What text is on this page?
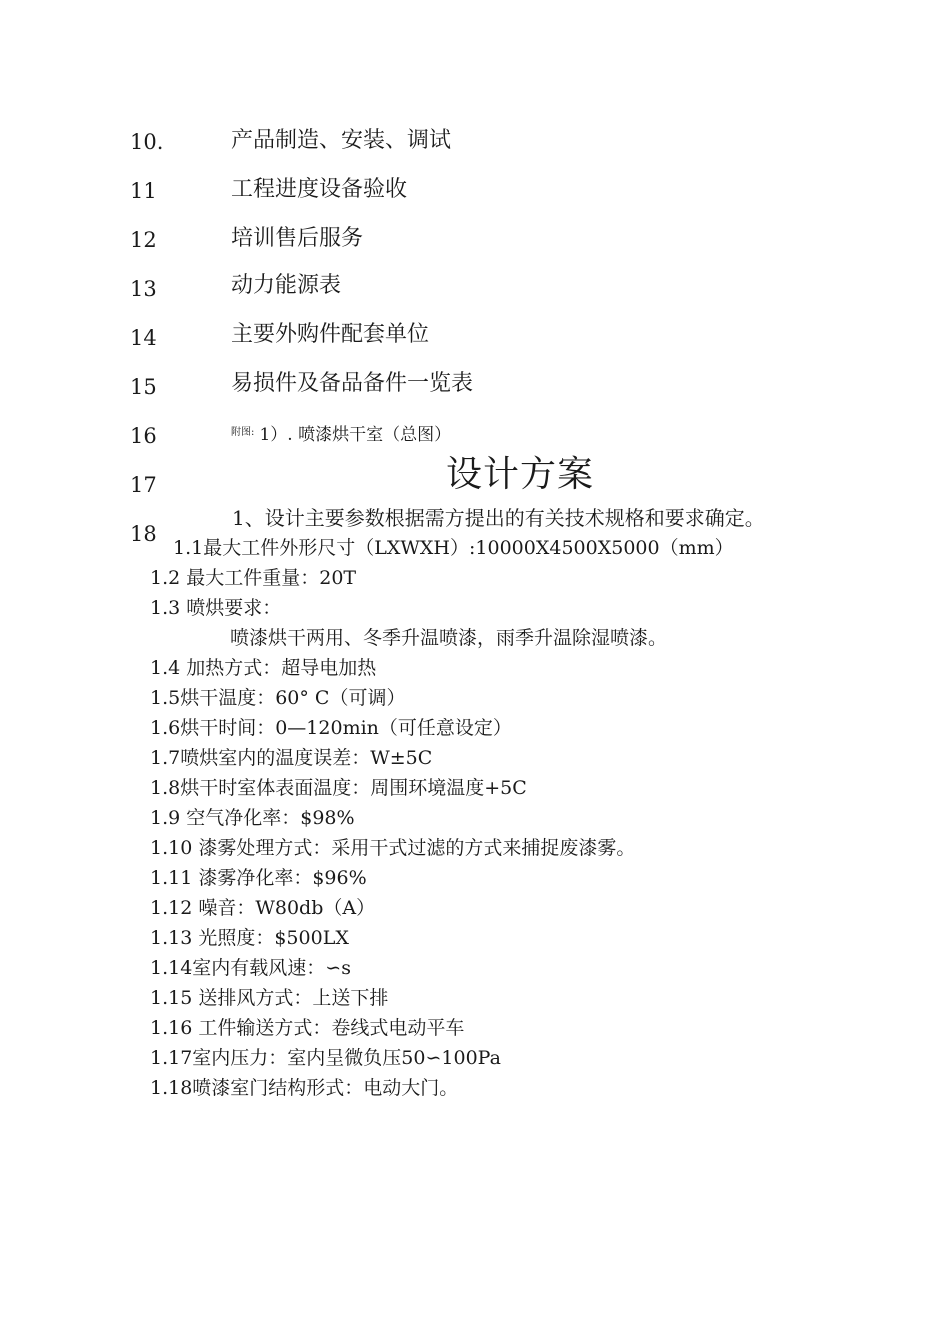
10.
11
12
13
14
15
16
17
18
产品制造、安装、调试
工程进度设备验收
培训售后服务
动力能源表
主要外购件配套单位
易损件及备品备件一览表
$^{附图:}$ 1）. 喷漆烘干室（总图）
设计方案
1、设计主要参数根据需方提出的有关技术规格和要求确定。
1.1最大工件外形尺寸（LXWXH）:10000X4500X5000（mm）
1.2 最大工件重量：20T
1.3 喷烘要求：
喷漆烘干两用、冬季升温喷漆，雨季升温除湿喷漆。
1.4 加热方式：超导电加热
1.5烘干温度：60° C（可调）
1.6烘干时间：0—120min（可任意设定）
1.7喷烘室内的温度误差：W±5C
1.8烘干时室体表面温度：周围环境温度+5C
1.9 空气净化率：$98%
1.10 漆雾处理方式：采用干式过滤的方式来捕捉废漆雾。
1.11 漆雾净化率：$96%
1.12 噪音：W80db（A）
1.13 光照度：$500LX
1.14室内有载风速：∽s
1.15 送排风方式：上送下排
1.16 工件输送方式：卷线式电动平车
1.17室内压力：室内呈微负压50∽100Pa
1.18喷漆室门结构形式：电动大门。
